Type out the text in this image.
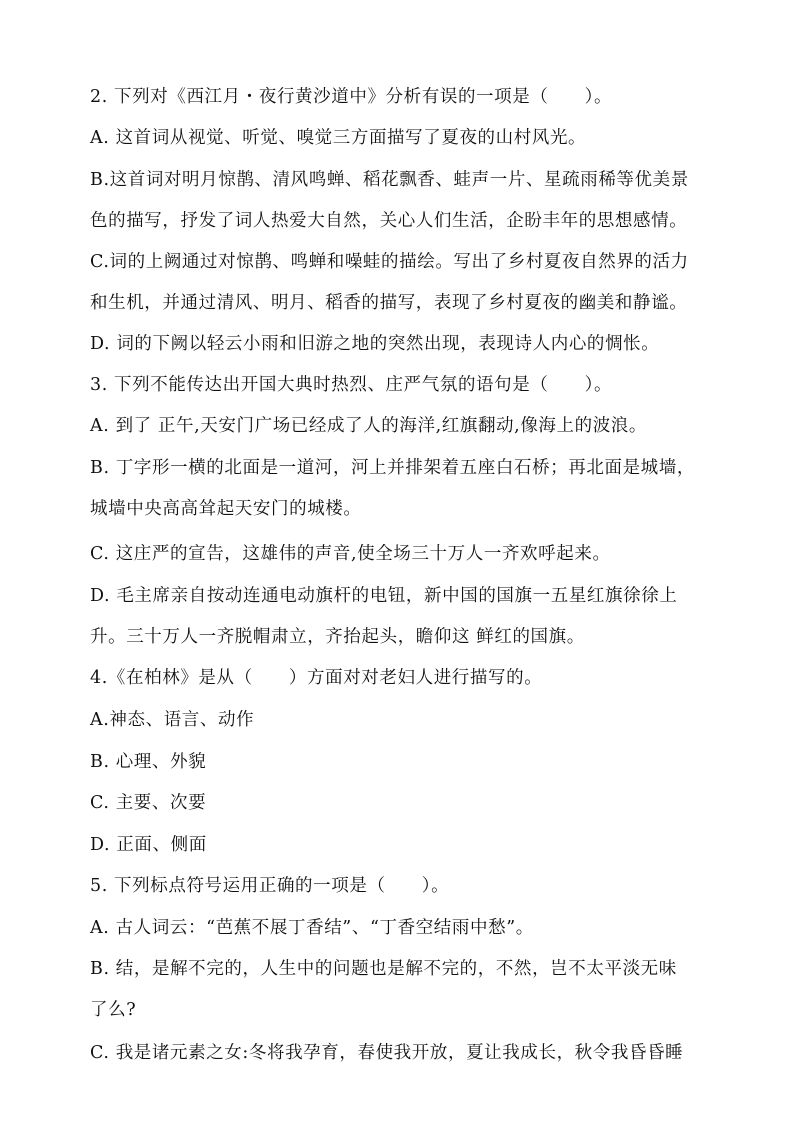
2. 下列对《西江月・夜行黄沙道中》分析有误的一项是（　　）。
A. 这首词从视觉、听觉、嗅觉三方面描写了夏夜的山村风光。
B.这首词对明月惊鹊、清风鸣蝉、稻花飘香、蛙声一片、星疏雨稀等优美景
色的描写，抒发了词人热爱大自然，关心人们生活，企盼丰年的思想感情。
C.词的上阙通过对惊鹊、鸣蝉和噪蛙的描绘。写出了乡村夏夜自然界的活力
和生机，并通过清风、明月、稻香的描写，表现了乡村夏夜的幽美和静谧。
D. 词的下阙以轻云小雨和旧游之地的突然出现，表现诗人内心的惆怅。
3. 下列不能传达出开国大典时热烈、庄严气氛的语句是（　　）。
A. 到了 正午,天安门广场已经成了人的海洋,红旗翻动,像海上的波浪。
B. 丁字形一横的北面是一道河，河上并排架着五座白石桥；再北面是城墙，
城墙中央高高耸起天安门的城楼。
C. 这庄严的宣告，这雄伟的声音,使全场三十万人一齐欢呼起来。
D. 毛主席亲自按动连通电动旗杆的电钮，新中国的国旗一五星红旗徐徐上
升。三十万人一齐脱帽肃立，齐抬起头，瞻仰这 鲜红的国旗。
4.《在柏林》是从（　　）方面对对老妇人进行描写的。
A.神态、语言、动作
B. 心理、外貌
C. 主要、次要
D. 正面、侧面
5. 下列标点符号运用正确的一项是（　　）。
A. 古人词云：“芭蕉不展丁香结”、“丁香空结雨中愁”。
B. 结，是解不完的，人生中的问题也是解不完的，不然，岂不太平淡无味
了么?
C. 我是诸元素之女:冬将我孕育，春使我开放，夏让我成长，秋令我昏昏睡
